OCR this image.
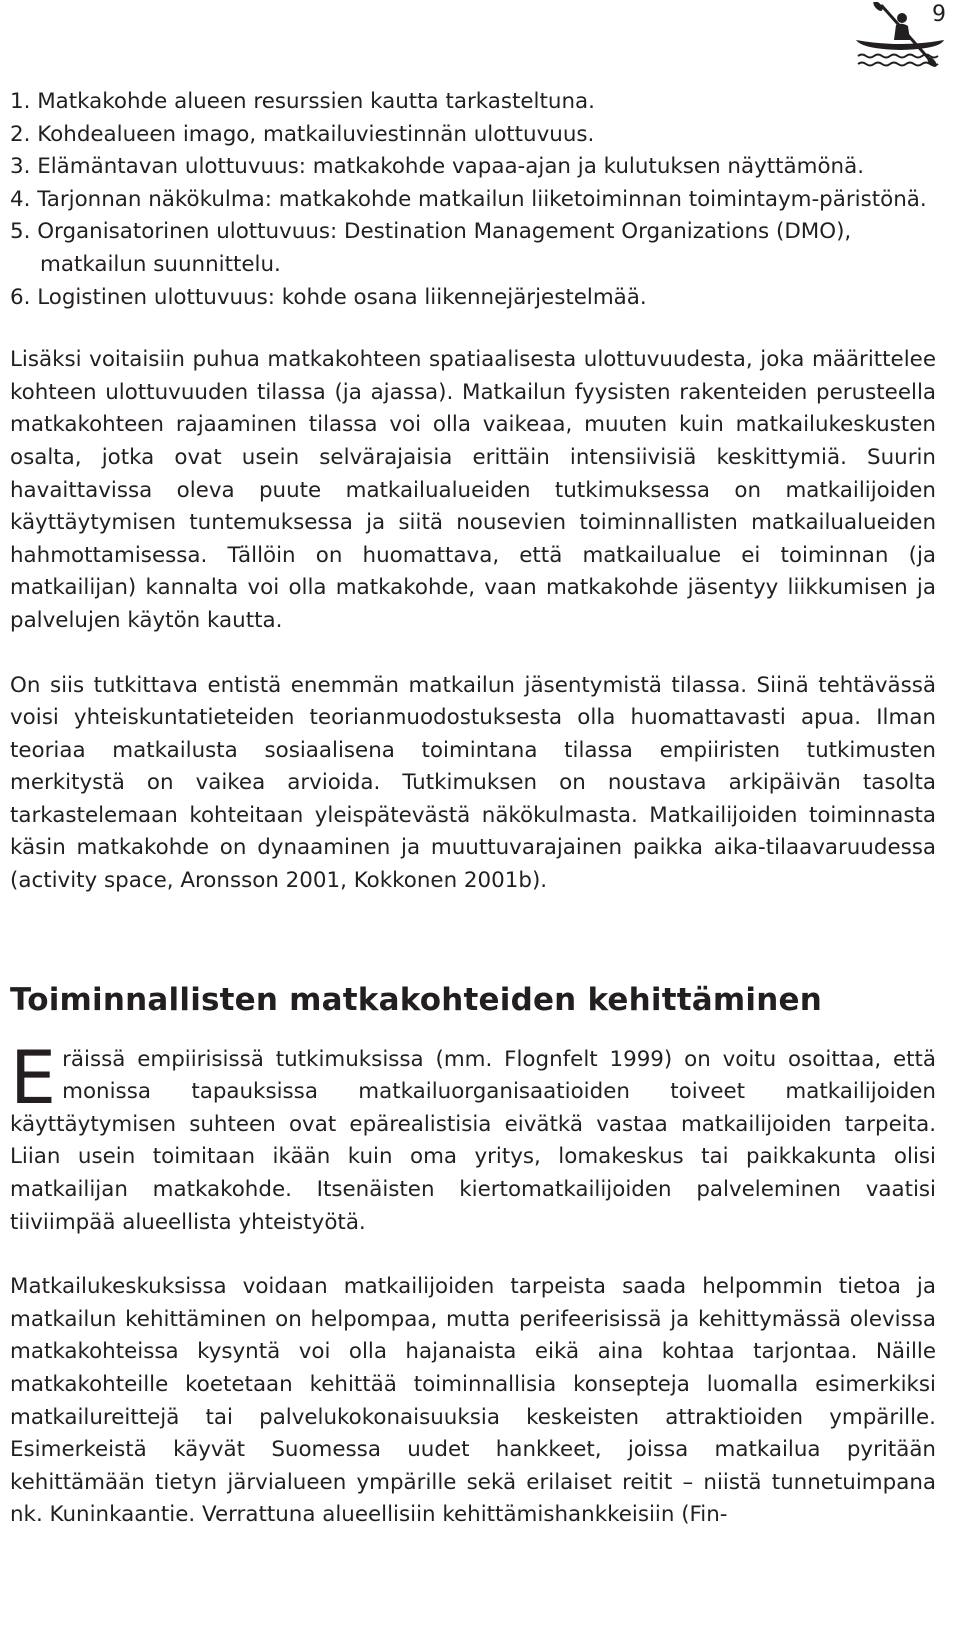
9
1. Matkakohde alueen resurssien kautta tarkasteltuna.
2. Kohdealueen imago, matkailuviestinnän ulottuvuus.
3. Elämäntavan ulottuvuus: matkakohde vapaa-ajan ja kulutuksen näyttämönä.
4. Tarjonnan näkökulma: matkakohde matkailun liiketoiminnan toimintaym-päristönä.
5. Organisatorinen ulottuvuus: Destination Management Organizations (DMO), matkailun suunnittelu.
6. Logistinen ulottuvuus: kohde osana liikennejärjestelmää.

Lisäksi voitaisiin puhua matkakohteen spatiaalisesta ulottuvuudesta, joka määrittelee kohteen ulottuvuuden tilassa (ja ajassa). Matkailun fyysisten rakenteiden perusteella matkakohteen rajaaminen tilassa voi olla vaikeaa, muuten kuin matkailukeskusten osalta, jotka ovat usein selvärajaisia erittäin intensiivisiä keskittymiä. Suurin havaittavissa oleva puute matkailualueiden tutkimuksessa on matkailijoiden käyttäytymisen tuntemuksessa ja siitä nousevien toiminnallisten matkailualueiden hahmottamisessa. Tällöin on huomattava, että matkailualue ei toiminnan (ja matkailijan) kannalta voi olla matkakohde, vaan matkakohde jäsentyy liikkumisen ja palvelujen käytön kautta.

On siis tutkittava entistä enemmän matkailun jäsentymistä tilassa. Siinä tehtävässä voisi yhteiskuntatieteiden teorianmuodostuksesta olla huomattavasti apua. Ilman teoriaa matkailusta sosiaalisena toimintana tilassa empiiristen tutkimusten merkitystä on vaikea arvioida. Tutkimuksen on noustava arkipäivän tasolta tarkastelemaan kohteitaan yleispätevästä näkökulmasta. Matkailijoiden toiminnasta käsin matkakohde on dynaaminen ja muuttuvarajainen paikka aika-tilaavaruudessa (activity space, Aronsson 2001, Kokkonen 2001b).

Toiminnallisten matkakohteiden kehittäminen

Eräissä empiirisissä tutkimuksissa (mm. Flognfelt 1999) on voitu osoittaa, että monissa tapauksissa matkailuorganisaatioiden toiveet matkailijoiden käyttäytymisen suhteen ovat epärealistisia eivätkä vastaa matkailijoiden tarpeita. Liian usein toimitaan ikään kuin oma yritys, lomakeskus tai paikkakunta olisi matkailijan matkakohde. Itsenäisten kiertomatkailijoiden palveleminen vaatisi tiiviimpää alueellista yhteistyötä.

Matkailukeskuksissa voidaan matkailijoiden tarpeista saada helpommin tietoa ja matkailun kehittäminen on helpompaa, mutta perifeerisissä ja kehittymässä olevissa matkakohteissa kysyntä voi olla hajanaista eikä aina kohtaa tarjontaa. Näille matkakohteille koetetaan kehittää toiminnallisia konsepteja luomalla esimerkiksi matkailureittejä tai palvelukokonaisuuksia keskeisten attraktioiden ympärille. Esimerkeistä käyvät Suomessa uudet hankkeet, joissa matkailua pyritään kehittämään tietyn järvialueen ympärille sekä erilaiset reitit – niistä tunnetuimpana nk. Kuninkaantie. Verrattuna alueellisiin kehittämishankkeisiin (Fin-
